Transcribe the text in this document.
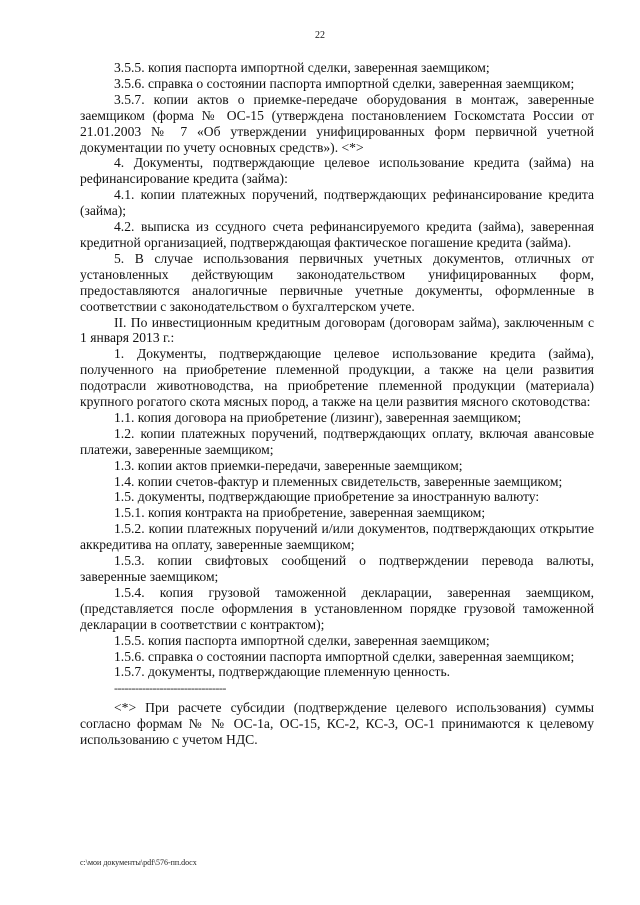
22

3.5.5. копия паспорта импортной сделки, заверенная заемщиком;

3.5.6. справка о состоянии паспорта импортной сделки, заверенная заемщиком;

3.5.7. копии актов о приемке-передаче оборудования в монтаж, заверенные заемщиком (форма № ОС-15 (утверждена постановлением Госкомстата России от 21.01.2003 № 7 «Об утверждении унифицированных форм первичной учетной документации по учету основных средств»). <*>

4. Документы, подтверждающие целевое использование кредита (займа) на рефинансирование кредита (займа):

4.1. копии платежных поручений, подтверждающих рефинансирование кредита (займа);

4.2. выписка из ссудного счета рефинансируемого кредита (займа), заверенная кредитной организацией, подтверждающая фактическое погашение кредита (займа).

5. В случае использования первичных учетных документов, отличных от установленных действующим законодательством унифицированных форм, предоставляются аналогичные первичные учетные документы, оформленные в соответствии с законодательством о бухгалтерском учете.

II. По инвестиционным кредитным договорам (договорам займа), заключенным с 1 января 2013 г.:

1. Документы, подтверждающие целевое использование кредита (займа), полученного на приобретение племенной продукции, а также на цели развития подотрасли животноводства, на приобретение племенной продукции (материала) крупного рогатого скота мясных пород, а также на цели развития мясного скотоводства:

1.1. копия договора на приобретение (лизинг), заверенная заемщиком;

1.2. копии платежных поручений, подтверждающих оплату, включая авансовые платежи, заверенные заемщиком;

1.3. копии актов приемки-передачи, заверенные заемщиком;

1.4. копии счетов-фактур и племенных свидетельств, заверенные заемщиком;

1.5. документы, подтверждающие приобретение за иностранную валюту:

1.5.1. копия контракта на приобретение, заверенная заемщиком;

1.5.2. копии платежных поручений и/или документов, подтверждающих открытие аккредитива на оплату, заверенные заемщиком;

1.5.3. копии свифтовых сообщений о подтверждении перевода валюты, заверенные заемщиком;

1.5.4. копия грузовой таможенной декларации, заверенная заемщиком, (представляется после оформления в установленном порядке грузовой таможенной декларации в соответствии с контрактом);

1.5.5. копия паспорта импортной сделки, заверенная заемщиком;

1.5.6. справка о состоянии паспорта импортной сделки, заверенная заемщиком;

1.5.7. документы, подтверждающие племенную ценность.

--------------------------------

<*> При расчете субсидии (подтверждение целевого использования) суммы согласно формам № № ОС-1а, ОС-15, КС-2, КС-3, ОС-1 принимаются к целевому использованию с учетом НДС.

c:\мои документы\pdf\576-пп.docx
